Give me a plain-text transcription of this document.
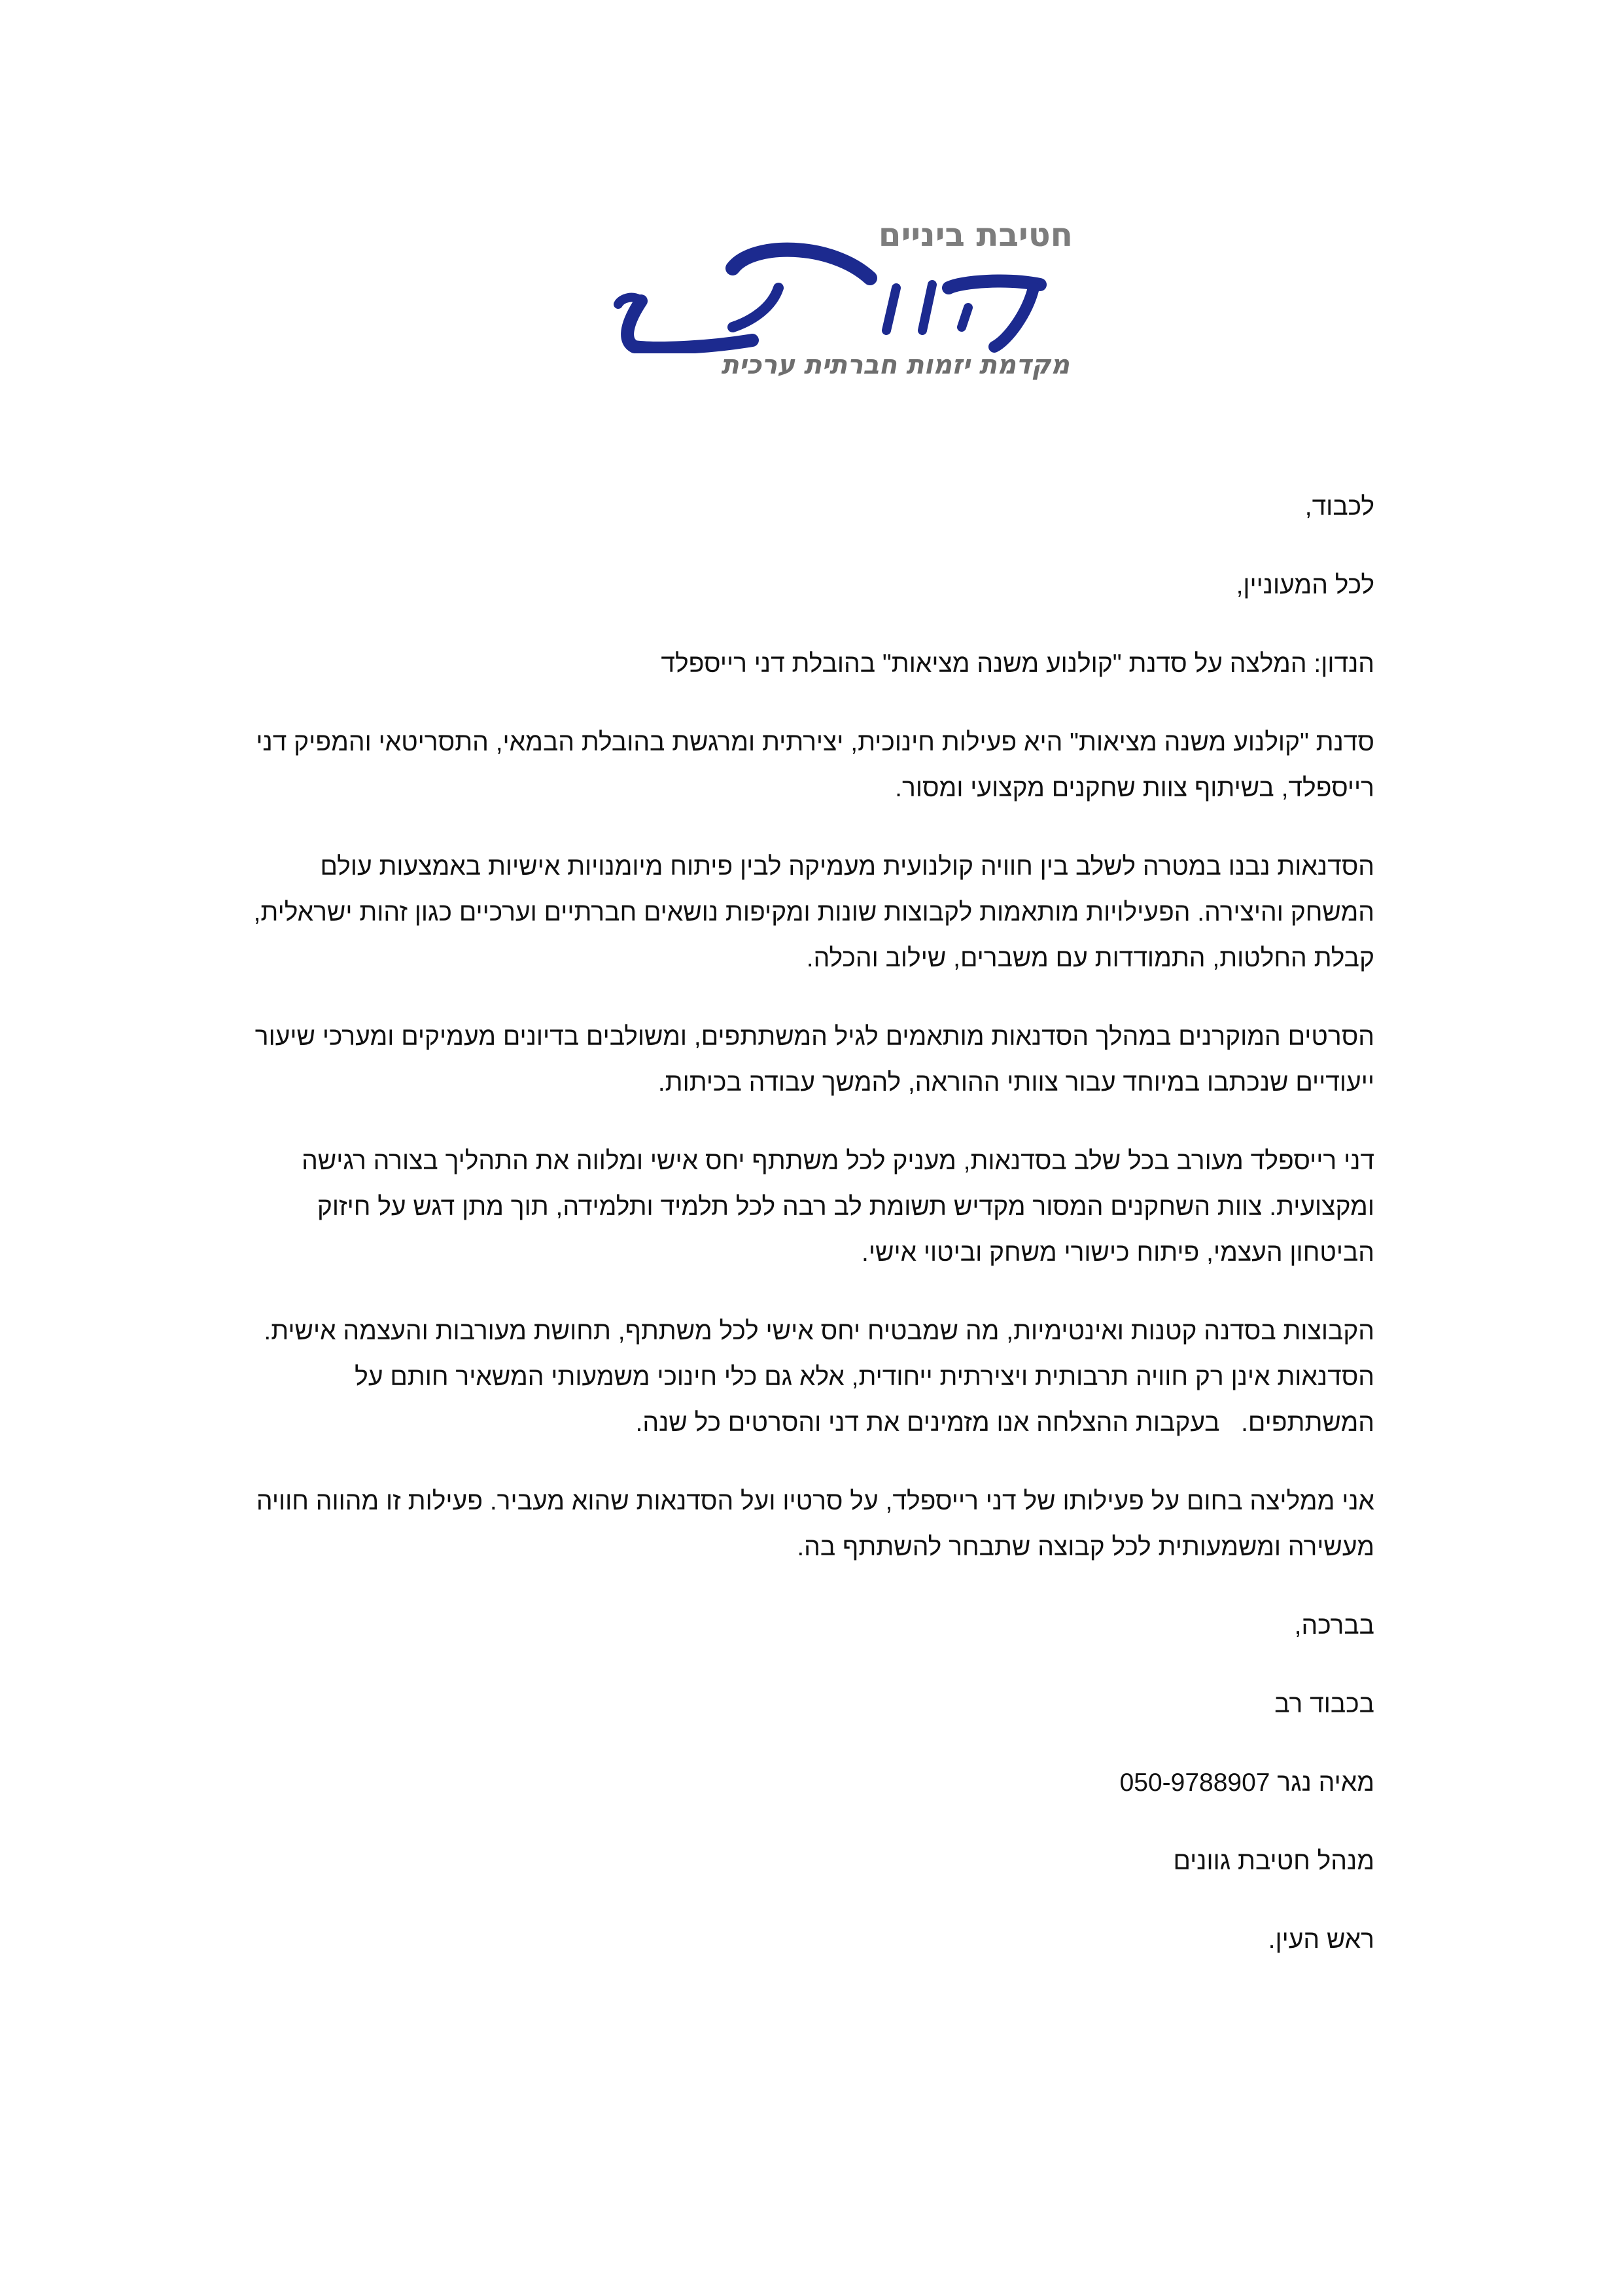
חטיבת ביניים
מקדמת יזמות חברתית ערכית

לכבוד,

לכל המעוניין,

הנדון: המלצה על סדנת "קולנוע משנה מציאות" בהובלת דני רייספלד

סדנת "קולנוע משנה מציאות" היא פעילות חינוכית, יצירתית ומרגשת בהובלת הבמאי, התסריטאי והמפיק דני רייספלד, בשיתוף צוות שחקנים מקצועי ומסור.

הסדנאות נבנו במטרה לשלב בין חוויה קולנועית מעמיקה לבין פיתוח מיומנויות אישיות באמצעות עולם המשחק והיצירה. הפעילויות מותאמות לקבוצות שונות ומקיפות נושאים חברתיים וערכיים כגון זהות ישראלית, קבלת החלטות, התמודדות עם משברים, שילוב והכלה.

הסרטים המוקרנים במהלך הסדנאות מותאמים לגיל המשתתפים, ומשולבים בדיונים מעמיקים ומערכי שיעור ייעודיים שנכתבו במיוחד עבור צוותי ההוראה, להמשך עבודה בכיתות.

דני רייספלד מעורב בכל שלב בסדנאות, מעניק לכל משתתף יחס אישי ומלווה את התהליך בצורה רגישה ומקצועית. צוות השחקנים המסור מקדיש תשומת לב רבה לכל תלמיד ותלמידה, תוך מתן דגש על חיזוק הביטחון העצמי, פיתוח כישורי משחק וביטוי אישי.

הקבוצות בסדנה קטנות ואינטימיות, מה שמבטיח יחס אישי לכל משתתף, תחושת מעורבות והעצמה אישית. הסדנאות אינן רק חוויה תרבותית ויצירתית ייחודית, אלא גם כלי חינוכי משמעותי המשאיר חותם על המשתתפים.   בעקבות ההצלחה אנו מזמינים את דני והסרטים כל שנה.

אני ממליצה בחום על פעילותו של דני רייספלד, על סרטיו ועל הסדנאות שהוא מעביר. פעילות זו מהווה חוויה מעשירה ומשמעותית לכל קבוצה שתבחר להשתתף בה.

בברכה,

בכבוד רב

מאיה נגר 050-9788907

מנהל חטיבת גוונים

ראש העין.
